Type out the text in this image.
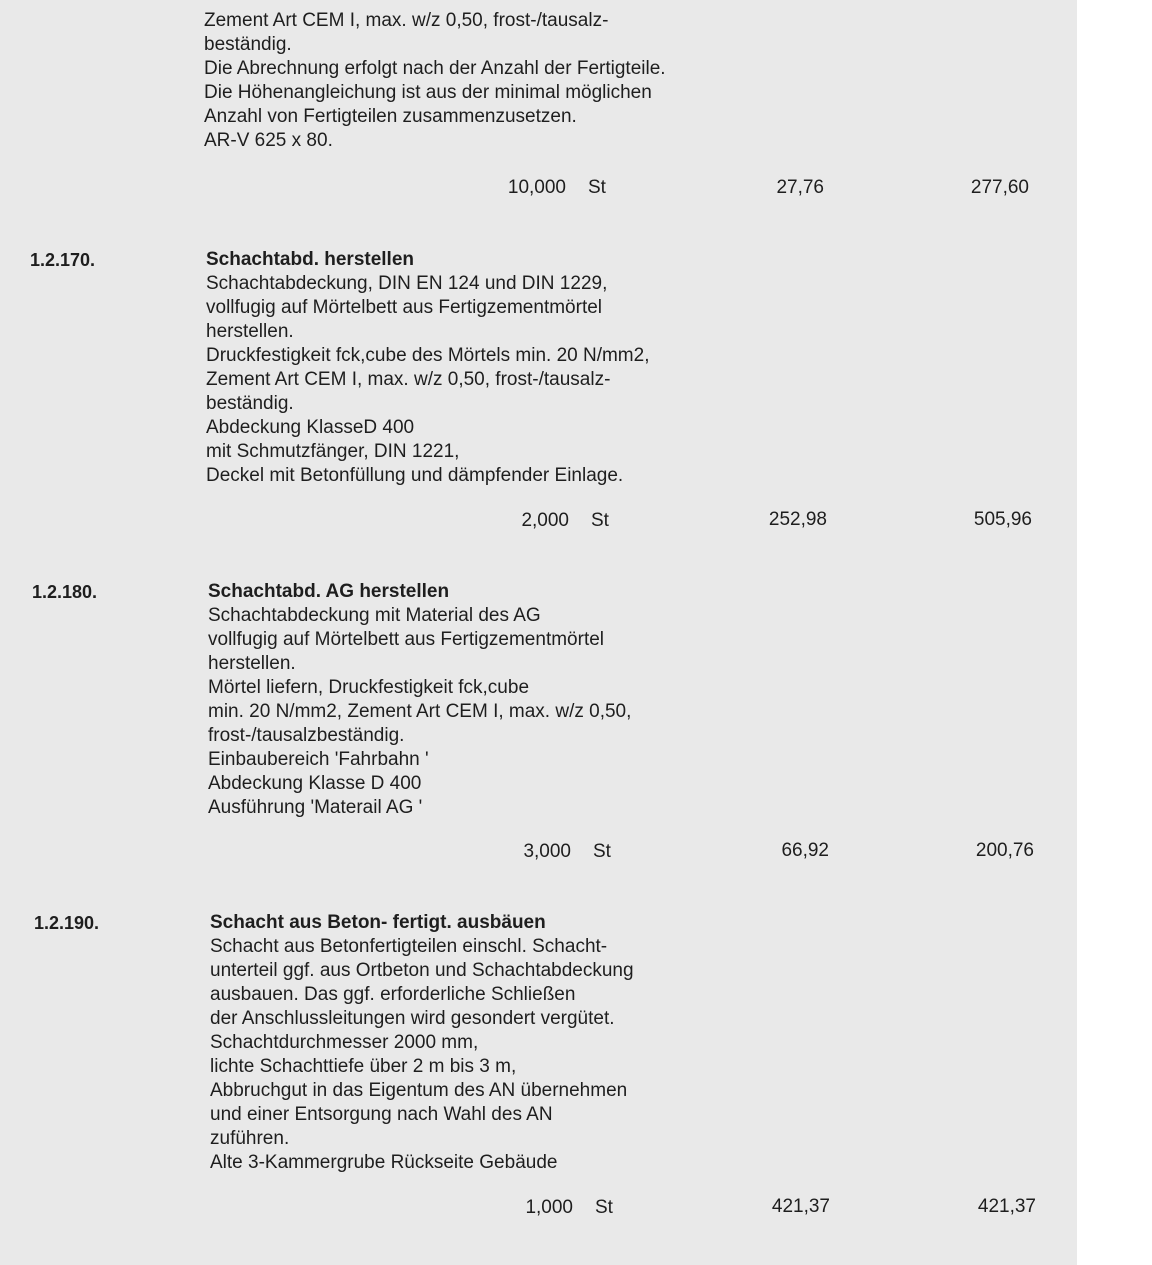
Zement Art CEM I, max. w/z 0,50, frost-/tausalz-
beständig.
Die Abrechnung erfolgt nach der Anzahl der Fertigteile.
Die Höhenangleichung ist aus der minimal möglichen
Anzahl von Fertigteilen zusammenzusetzen.
AR-V 625 x 80.
10,000 St	27,76	277,60
1.2.170.	Schachtabd. herstellen
Schachtabdeckung, DIN EN 124 und DIN 1229,
vollfugig auf Mörtelbett aus Fertigzementmörtel
herstellen.
Druckfestigkeit fck,cube des Mörtels min. 20 N/mm2,
Zement Art CEM I, max. w/z 0,50, frost-/tausalz-
beständig.
Abdeckung KlasseD 400
mit Schmutzfänger, DIN 1221,
Deckel mit Betonfüllung und dämpfender Einlage.
2,000 St	252,98	505,96
1.2.180.	Schachtabd. AG herstellen
Schachtabdeckung mit Material des AG
vollfugig auf Mörtelbett aus Fertigzementmörtel
herstellen.
Mörtel liefern, Druckfestigkeit fck,cube
min. 20 N/mm2, Zement Art CEM I, max. w/z 0,50,
frost-/tausalzbeständig.
Einbaubereich 'Fahrbahn '
Abdeckung Klasse D 400
Ausführung 'Materail AG '
3,000 St	66,92	200,76
1.2.190.	Schacht aus Beton- fertigt. ausbäuen
Schacht aus Betonfertigteilen einschl. Schacht-
unterteil ggf. aus Ortbeton und Schachtabdeckung
ausbauen. Das ggf. erforderliche Schließen
der Anschlussleitungen wird gesondert vergütet.
Schachtdurchmesser 2000 mm,
lichte Schachttiefe über 2 m bis 3 m,
Abbruchgut in das Eigentum des AN übernehmen
und einer Entsorgung nach Wahl des AN
zuführen.
Alte 3-Kammergrube Rückseite Gebäude
1,000 St	421,37	421,37
